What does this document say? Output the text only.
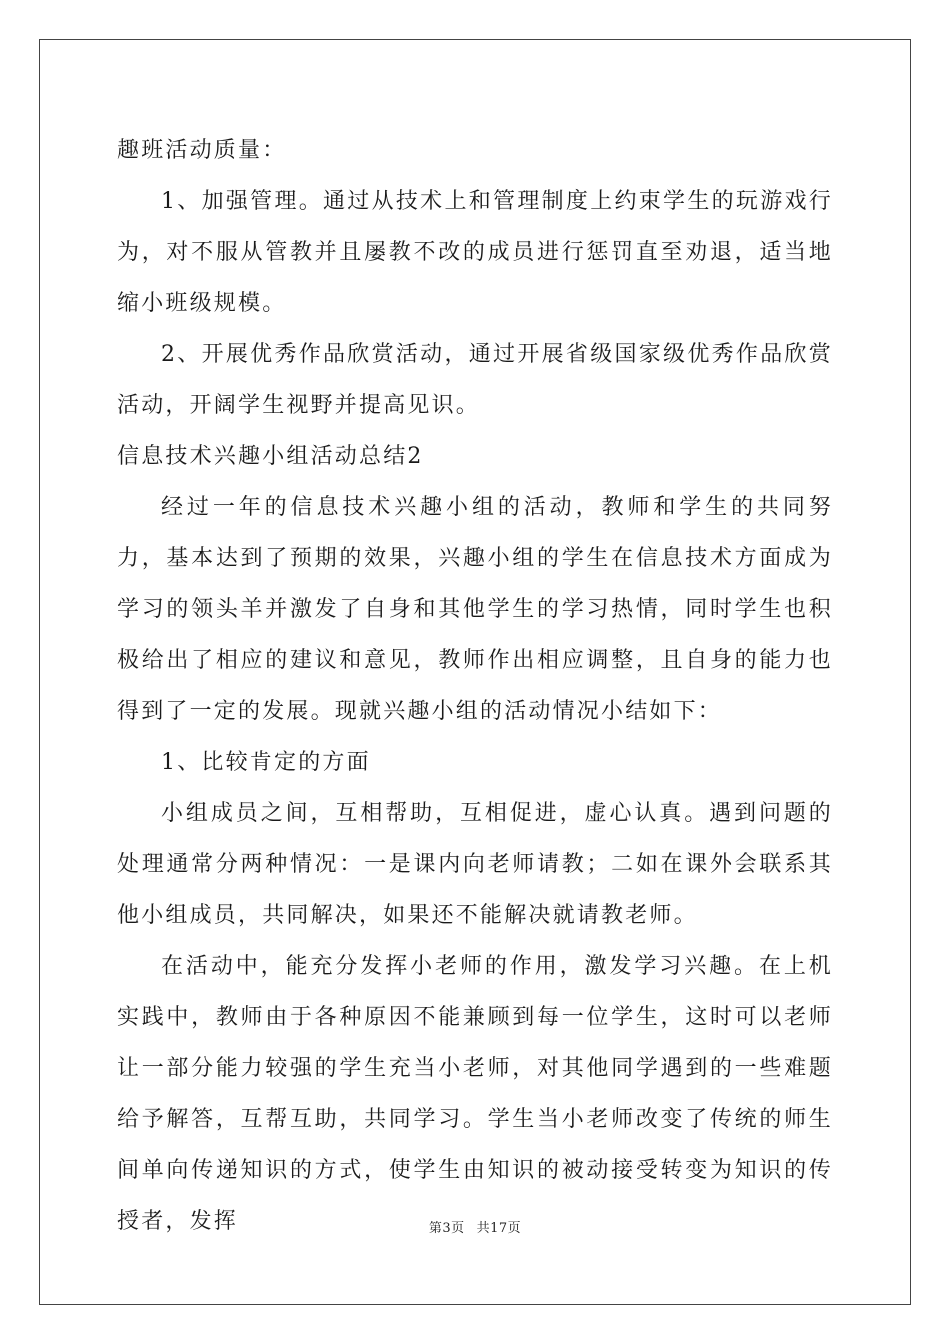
趣班活动质量：

1、加强管理。通过从技术上和管理制度上约束学生的玩游戏行为，对不服从管教并且屡教不改的成员进行惩罚直至劝退，适当地缩小班级规模。

2、开展优秀作品欣赏活动，通过开展省级国家级优秀作品欣赏活动，开阔学生视野并提高见识。

信息技术兴趣小组活动总结2

经过一年的信息技术兴趣小组的活动，教师和学生的共同努力，基本达到了预期的效果，兴趣小组的学生在信息技术方面成为学习的领头羊并激发了自身和其他学生的学习热情，同时学生也积极给出了相应的建议和意见，教师作出相应调整，且自身的能力也得到了一定的发展。现就兴趣小组的活动情况小结如下：

1、比较肯定的方面

小组成员之间，互相帮助，互相促进，虚心认真。遇到问题的处理通常分两种情况：一是课内向老师请教；二如在课外会联系其他小组成员，共同解决，如果还不能解决就请教老师。

在活动中，能充分发挥小老师的作用，激发学习兴趣。在上机实践中，教师由于各种原因不能兼顾到每一位学生，这时可以老师让一部分能力较强的学生充当小老师，对其他同学遇到的一些难题给予解答，互帮互助，共同学习。学生当小老师改变了传统的师生间单向传递知识的方式，使学生由知识的被动接受转变为知识的传授者，发挥	第3页 共17页
